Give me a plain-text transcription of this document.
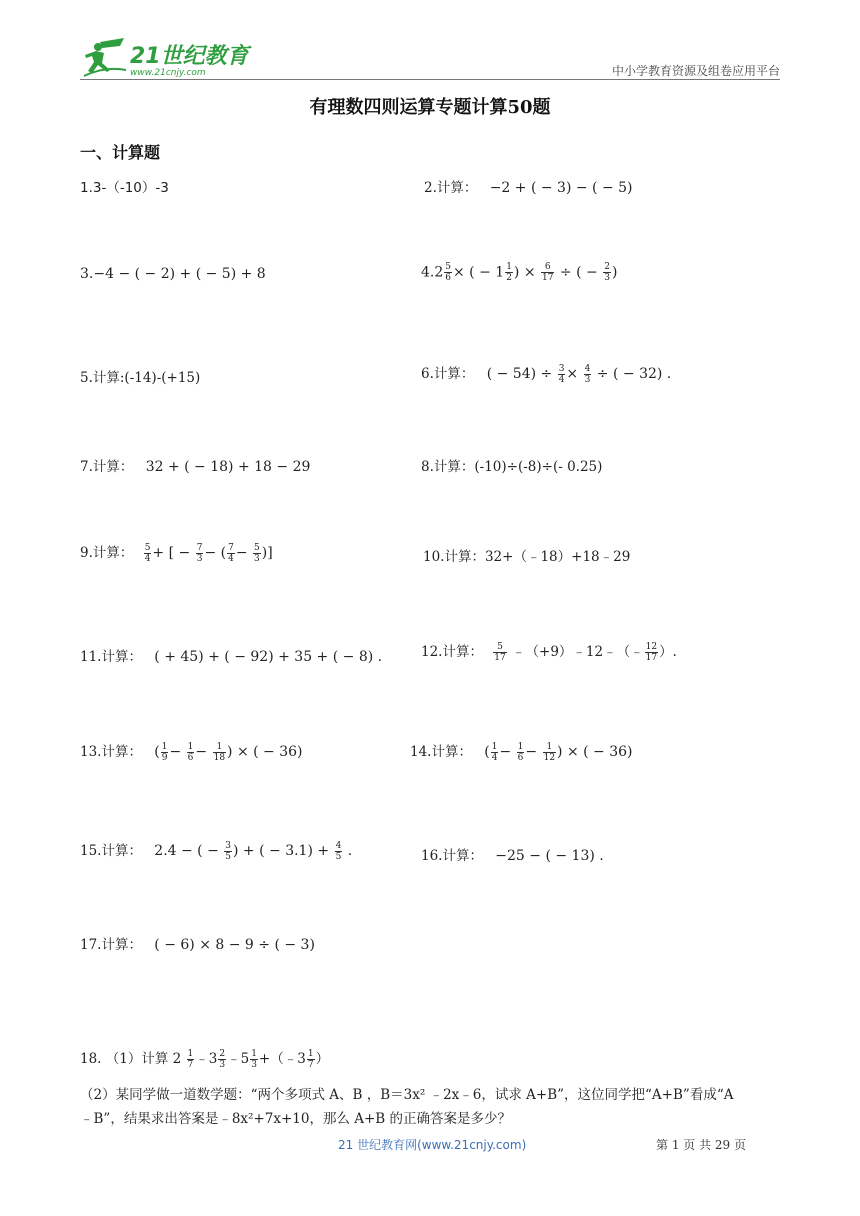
21世纪教育
www.21cnjy.com	中小学教育资源及组卷应用平台
有理数四则运算专题计算50题
一、计算题
1.3-（-10）-3	2.计算： −2 + ( − 3) − ( − 5)
3.−4 − ( − 2) + ( − 5) + 8	$4.2 \frac{5}{6}$ × ( − $1 \frac{1}{2}$ ) × $\frac{6}{17}$ ÷ ( − $\frac{2}{3}$ )
5.计算:(-14)-(+15)	6.计算： ( − $54) \div \frac{3}{4} \times \frac{4}{3}$ ÷ ( − 32) .
7.计算： 32 + ( − 18) + 18 − 29	8.计算：(-10)÷(-8)÷(- 0.25)
9.计算： $\frac{5}{4}$ + [ − $\frac{7}{3}$ − ( $\frac{7}{4} - \frac{5}{3}$ )]	10.计算：32+（﹣18）+18﹣29
11.计算： ( + 45) + ( − 92) + 35 + ( − 8) .	12.计算： $\frac{5}{17}$ ﹣（+9）﹣12﹣（﹣ $\frac{12}{17}$ ）.
13.计算： ( $\frac{1}{9} - \frac{1}{6} - \frac{1}{18}$ ) × ( − 36)	14.计算： ( $\frac{1}{4} - \frac{1}{6} - \frac{1}{12}$ ) × ( − 36)
15.计算： 2.4 − ( − $\frac{3}{5}$ ) + ( − $3.1) + \frac{4}{5}$ .	16.计算： −25 − ( − 13) .
17.计算： ( − 6) × 8 − 9 ÷ ( − 3)
18. （1）计算 $2 \frac{1}{7}$ ﹣3 $\frac{2}{3}$ ﹣5 $\frac{1}{3}$ +（﹣3 $\frac{1}{7}$ ）
（2）某同学做一道数学题：“两个多项式 A、B ，B＝3x² ﹣2x﹣6，试求 A+B”，这位同学把“A+B”看成“A
﹣B”，结果求出答案是﹣8x²+7x+10，那么 A+B 的正确答案是多少？
21 世纪教育网(www.21cnjy.com)	第 1 页 共 29 页
